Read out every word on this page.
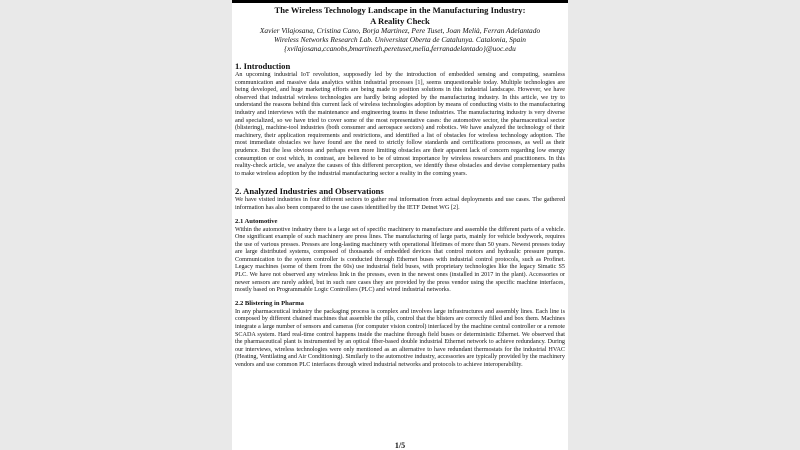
The Wireless Technology Landscape in the Manufacturing Industry:
A Reality Check
Xavier Vilajosana, Cristina Cano, Borja Martinez, Pere Tuset, Joan Melià, Ferran Adelantado
Wireless Networks Research Lab. Universitat Oberta de Catalunya. Catalonia, Spain
{xvilajosana,ccanobs,bmartinezh,peretuset,melia,ferranadelantado}@uoc.edu
1. Introduction

An upcoming industrial IoT revolution, supposedly led by the introduction of embedded sensing and computing, seamless communication and massive data analytics within industrial processes [1], seems unquestionable today. Multiple technologies are being developed, and huge marketing efforts are being made to position solutions in this industrial landscape. However, we have observed that industrial wireless technologies are hardly being adopted by the manufacturing industry. In this article, we try to understand the reasons behind this current lack of wireless technologies adoption by means of conducting visits to the manufacturing industry and interviews with the maintenance and engineering teams in these industries. The manufacturing industry is very diverse and specialized, so we have tried to cover some of the most representative cases: the automotive sector, the pharmaceutical sector (blistering), machine-tool industries (both consumer and aerospace sectors) and robotics. We have analyzed the technology of their machinery, their application requirements and restrictions, and identified a list of obstacles for wireless technology adoption. The most immediate obstacles we have found are the need to strictly follow standards and certifications processes, as well as their prudence. But the less obvious and perhaps even more limiting obstacles are their apparent lack of concern regarding low energy consumption or cost which, in contrast, are believed to be of utmost importance by wireless researchers and practitioners. In this reality-check article, we analyze the causes of this different perception, we identify these obstacles and devise complementary paths to make wireless adoption by the industrial manufacturing sector a reality in the coming years.

2. Analyzed Industries and Observations

We have visited industries in four different sectors to gather real information from actual deployments and use cases. The gathered information has also been compared to the use cases identified by the IETF Detnet WG [2].

2.1 Automotive

Within the automotive industry there is a large set of specific machinery to manufacture and assemble the different parts of a vehicle. One significant example of such machinery are press lines. The manufacturing of large parts, mainly for vehicle bodywork, requires the use of various presses. Presses are long-lasting machinery with operational lifetimes of more than 50 years. Newest presses today are large distributed systems, composed of thousands of embedded devices that control motors and hydraulic pressure pumps. Communication to the system controller is conducted through Ethernet buses with industrial control protocols, such as Profinet. Legacy machines (some of them from the 60s) use industrial field buses, with proprietary technologies like the legacy Simatic S5 PLC. We have not observed any wireless link in the presses, even in the newest ones (installed in 2017 in the plant). Accessories or newer sensors are rarely added, but in such rare cases they are provided by the press vendor using the specific machine interfaces, mostly based on Programmable Logic Controllers (PLC) and wired industrial networks.

2.2 Blistering in Pharma

In any pharmaceutical industry the packaging process is complex and involves large infrastructures and assembly lines. Each line is composed by different chained machines that assemble the pills, control that the blisters are correctly filled and box them. Machines integrate a large number of sensors and cameras (for computer vision control) interfaced by the machine central controller or a remote SCADA system. Hard real-time control happens inside the machine through field buses or deterministic Ethernet. We observed that the pharmaceutical plant is instrumented by an optical fiber-based double industrial Ethernet network to achieve redundancy. During our interviews, wireless technologies were only mentioned as an alternative to have redundant thermostats for the industrial HVAC (Heating, Ventilating and Air Conditioning). Similarly to the automotive industry, accessories are typically provided by the machinery vendors and use common PLC interfaces through wired industrial networks and protocols to achieve interoperability.

1/5
